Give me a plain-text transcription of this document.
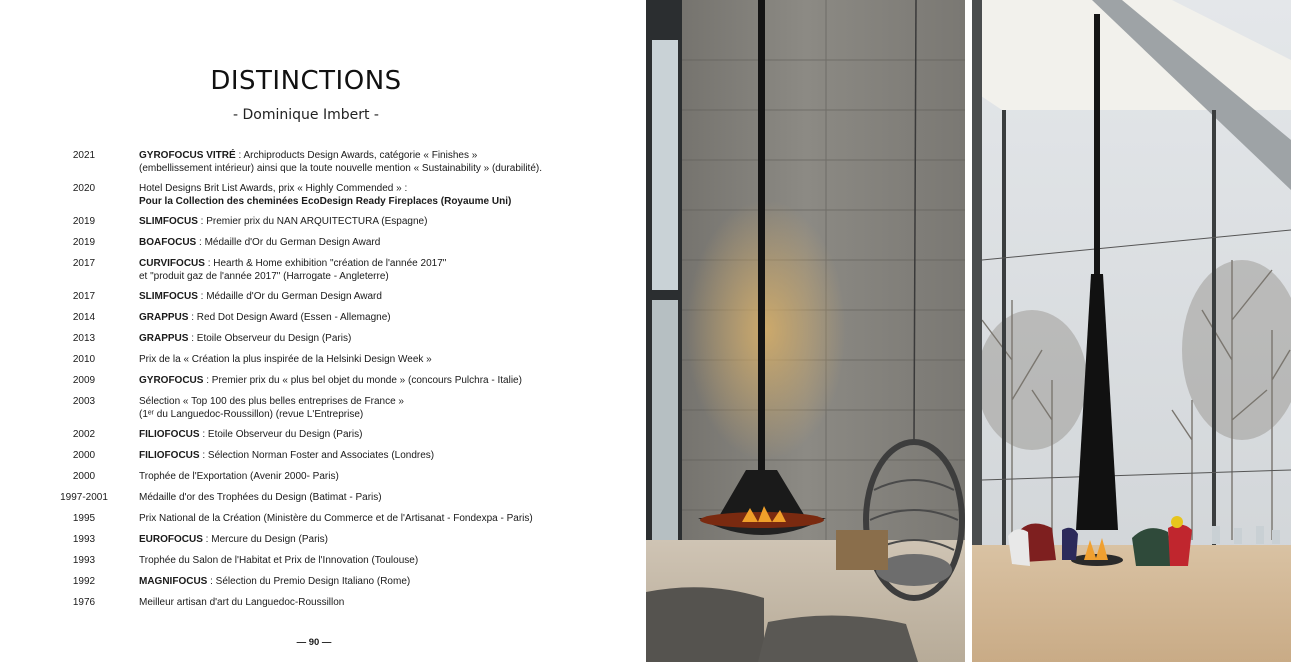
DISTINCTIONS
- Dominique Imbert -
2021	GYROFOCUS VITRÉ : Archiproducts Design Awards, catégorie « Finishes »
(embellissement intérieur) ainsi que la toute nouvelle mention « Sustainability » (durabilité).
2020	Hotel Designs Brit List Awards, prix « Highly Commended » :
Pour la Collection des cheminées EcoDesign Ready Fireplaces (Royaume Uni)
2019	SLIMFOCUS : Premier prix du NAN ARQUITECTURA (Espagne)
2019	BOAFOCUS : Médaille d'Or du German Design Award
2017	CURVIFOCUS : Hearth & Home exhibition "création de l'année 2017"
et "produit gaz de l'année 2017" (Harrogate - Angleterre)
2017	SLIMFOCUS : Médaille d'Or du German Design Award
2014	GRAPPUS : Red Dot Design Award (Essen - Allemagne)
2013	GRAPPUS : Etoile Observeur du Design (Paris)
2010	Prix de la « Création la plus inspirée de la Helsinki Design Week »
2009	GYROFOCUS : Premier prix du « plus bel objet du monde » (concours Pulchra - Italie)
2003	Sélection « Top 100 des plus belles entreprises de France »
(1ᵉʳ du Languedoc-Roussillon) (revue L'Entreprise)
2002	FILIOFOCUS : Etoile Observeur du Design (Paris)
2000	FILIOFOCUS : Sélection Norman Foster and Associates (Londres)
2000	Trophée de l'Exportation (Avenir 2000- Paris)
1997-2001	Médaille d'or des Trophées du Design (Batimat - Paris)
1995	Prix National de la Création (Ministère du Commerce et de l'Artisanat - Fondexpa - Paris)
1993	EUROFOCUS : Mercure du Design (Paris)
1993	Trophée du Salon de l'Habitat et Prix de l'Innovation (Toulouse)
1992	MAGNIFOCUS : Sélection du Premio Design Italiano (Rome)
1976	Meilleur artisan d'art du Languedoc-Roussillon
— 90 —
